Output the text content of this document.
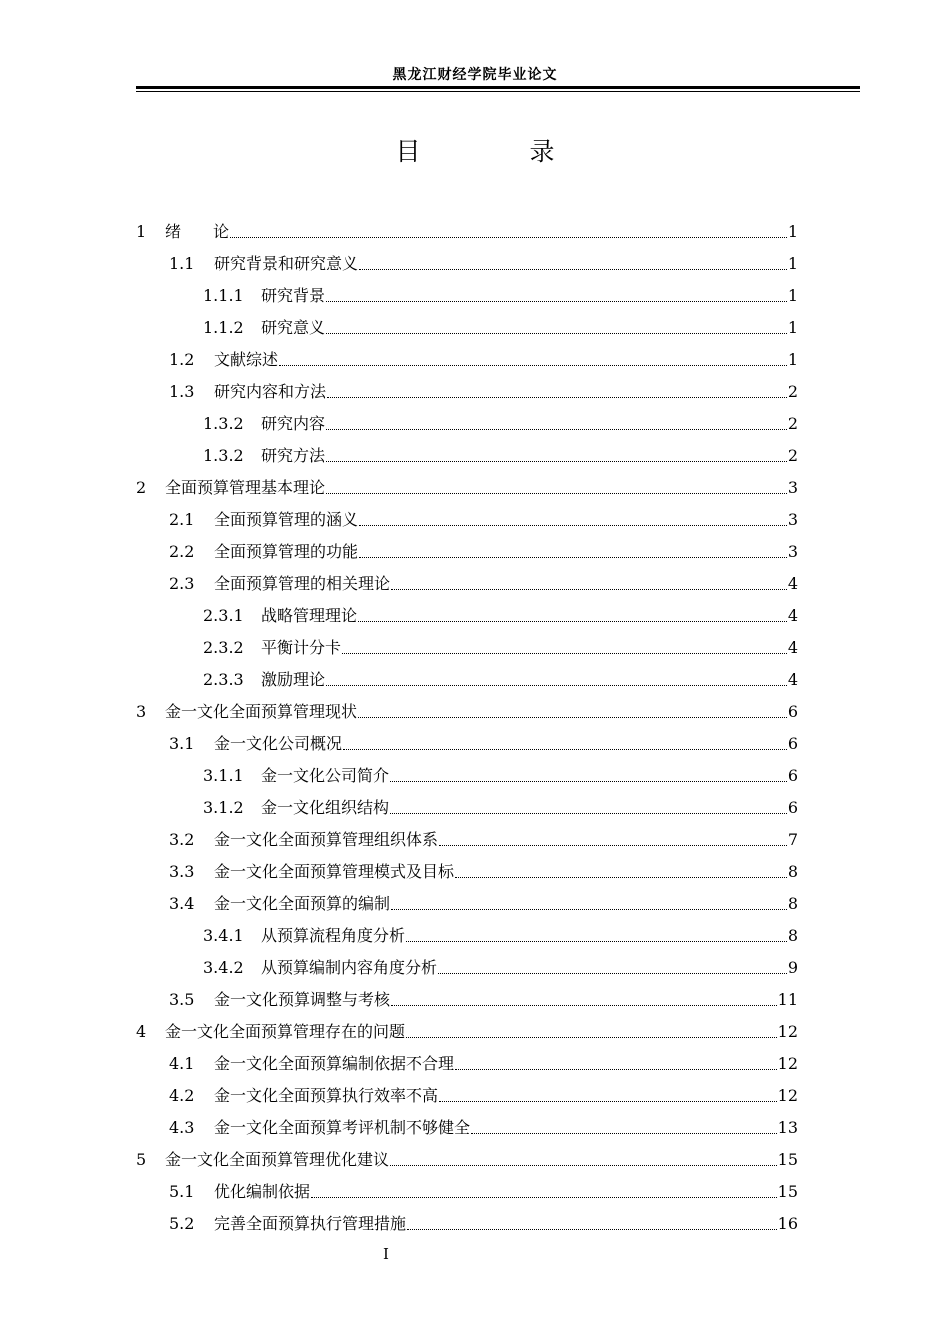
黑龙江财经学院毕业论文
目　录
1	绪　　论	1
1.1	研究背景和研究意义	1
1.1.1	研究背景	1
1.1.2	研究意义	1
1.2	文献综述	1
1.3	研究内容和方法	2
1.3.2	研究内容	2
1.3.2	研究方法	2
2	全面预算管理基本理论	3
2.1	全面预算管理的涵义	3
2.2	全面预算管理的功能	3
2.3	全面预算管理的相关理论	4
2.3.1	战略管理理论	4
2.3.2	平衡计分卡	4
2.3.3	激励理论	4
3	金一文化全面预算管理现状	6
3.1	金一文化公司概况	6
3.1.1	金一文化公司简介	6
3.1.2	金一文化组织结构	6
3.2	金一文化全面预算管理组织体系	7
3.3	金一文化全面预算管理模式及目标	8
3.4	金一文化全面预算的编制	8
3.4.1	从预算流程角度分析	8
3.4.2	从预算编制内容角度分析	9
3.5	金一文化预算调整与考核	11
4	金一文化全面预算管理存在的问题	12
4.1	金一文化全面预算编制依据不合理	12
4.2	金一文化全面预算执行效率不高	12
4.3	金一文化全面预算考评机制不够健全	13
5	金一文化全面预算管理优化建议	15
5.1	优化编制依据	15
5.2	完善全面预算执行管理措施	16
I
